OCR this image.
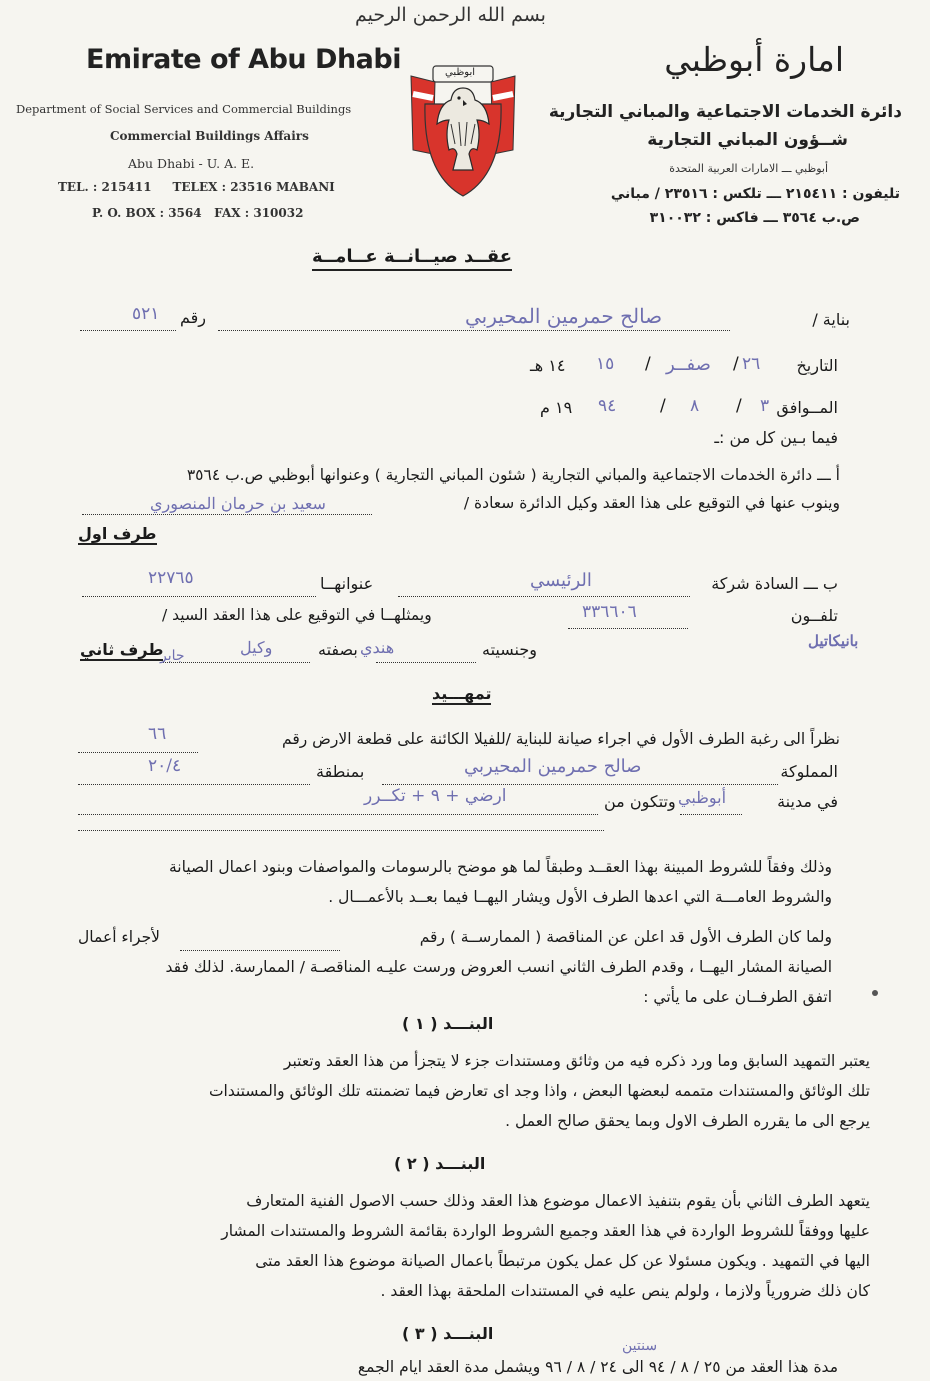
بسم الله الرحمن الرحيم
Emirate of Abu Dhabi
Department of Social Services and Commercial Buildings
Commercial Buildings Affairs
Abu Dhabi - U. A. E.
TEL. : 215411     TELEX : 23516 MABANI
P. O. BOX : 3564   FAX : 310032
ابوظبي	امارة أبوظبي
دائرة الخدمات الاجتماعية والمباني التجارية
شــؤون المباني التجارية
أبوظبي ـــ الامارات العربية المتحدة
تليفون : ٢١٥٤١١ ـــ تلكس : ٢٣٥١٦ / مباني
ص.ب ٣٥٦٤ ـــ فاكس : ٣١٠٠٣٢
عقــد صيــانــة عــامــة
بناية /
صالح حمرمين المحيربي
رقم
٥٢١
التاريخ
٢٦
/
صفــر
/
١٥
١٤ هـ
المــوافق
٣
/
٨
/
٩٤
١٩ م
فيما بـين كل من :ـ
أ ـــ دائرة الخدمات الاجتماعية والمباني التجارية ( شئون المباني التجارية ) وعنوانها أبوظبي ص.ب ٣٥٦٤
وينوب عنها في التوقيع على هذا العقد وكيل الدائرة سعادة /
سعيد بن حرمان المنصوري
طرف اول
ب ـــ السادة شركة
الرئيسي
عنوانهــا
٢٢٧٦٥
تلفــون
٣٣٦٦٠٦
ويمثلهــا في التوقيع على هذا العقد السيد /
بانيكاتيل
وجنسيته
هندي
بصفته
وكيل
جابر
طرف ثاني
تمهـــيد
نظراً الى رغبة الطرف الأول في اجراء صيانة للبناية /للفيلا الكائنة على قطعة الارض رقم
٦٦
المملوكة
صالح حمرمين المحيربي
بمنطقة
٢٠/٤
في مدينة
أبوظبي
وتتكون من
ارضي + ٩ + تكــرر
وذلك وفقاً للشروط المبينة بهذا العقــد وطبقاً لما هو موضح بالرسومات والمواصفات وبنود اعمال الصيانة
والشروط العامـــة التي اعدها الطرف الأول ويشار اليهــا فيما بعــد بالأعمـــال .
ولما كان الطرف الأول قد اعلن عن المناقصة ( الممارســة ) رقم
لأجراء أعمال
الصيانة المشار اليهــا ، وقدم الطرف الثاني انسب العروض ورست عليـه المناقصـة / الممارسة. لذلك فقد
اتفق الطرفــان على ما يأتي :
البنـــد ( ١ )
يعتبر التمهيد السابق وما ورد ذكره فيه من وثائق ومستندات جزء لا يتجزأ من هذا العقد وتعتبر
تلك الوثائق والمستندات متممه لبعضها البعض ، واذا وجد اى تعارض فيما تضمنته تلك الوثائق والمستندات
يرجع الى ما يقرره الطرف الاول وبما يحقق صالح العمل .
البنـــد ( ٢ )
يتعهد الطرف الثاني بأن يقوم بتنفيذ الاعمال موضوع هذا العقد وذلك حسب الاصول الفنية المتعارف
عليها ووفقاً للشروط الواردة في هذا العقد وجميع الشروط الواردة بقائمة الشروط والمستندات المشار
اليها في التمهيد . ويكون مسئولا عن كل عمل يكون مرتبطاً باعمال الصيانة موضوع هذا العقد متى
كان ذلك ضرورياً ولازما ، ولولم ينص عليه في المستندات الملحقة بهذا العقد .
البنـــد ( ٣ )
سنتين
مدة هذا العقد من ٢٥ / ٨ / ٩٤ الى ٢٤ / ٨ / ٩٦ ويشمل مدة العقد ايام الجمع
